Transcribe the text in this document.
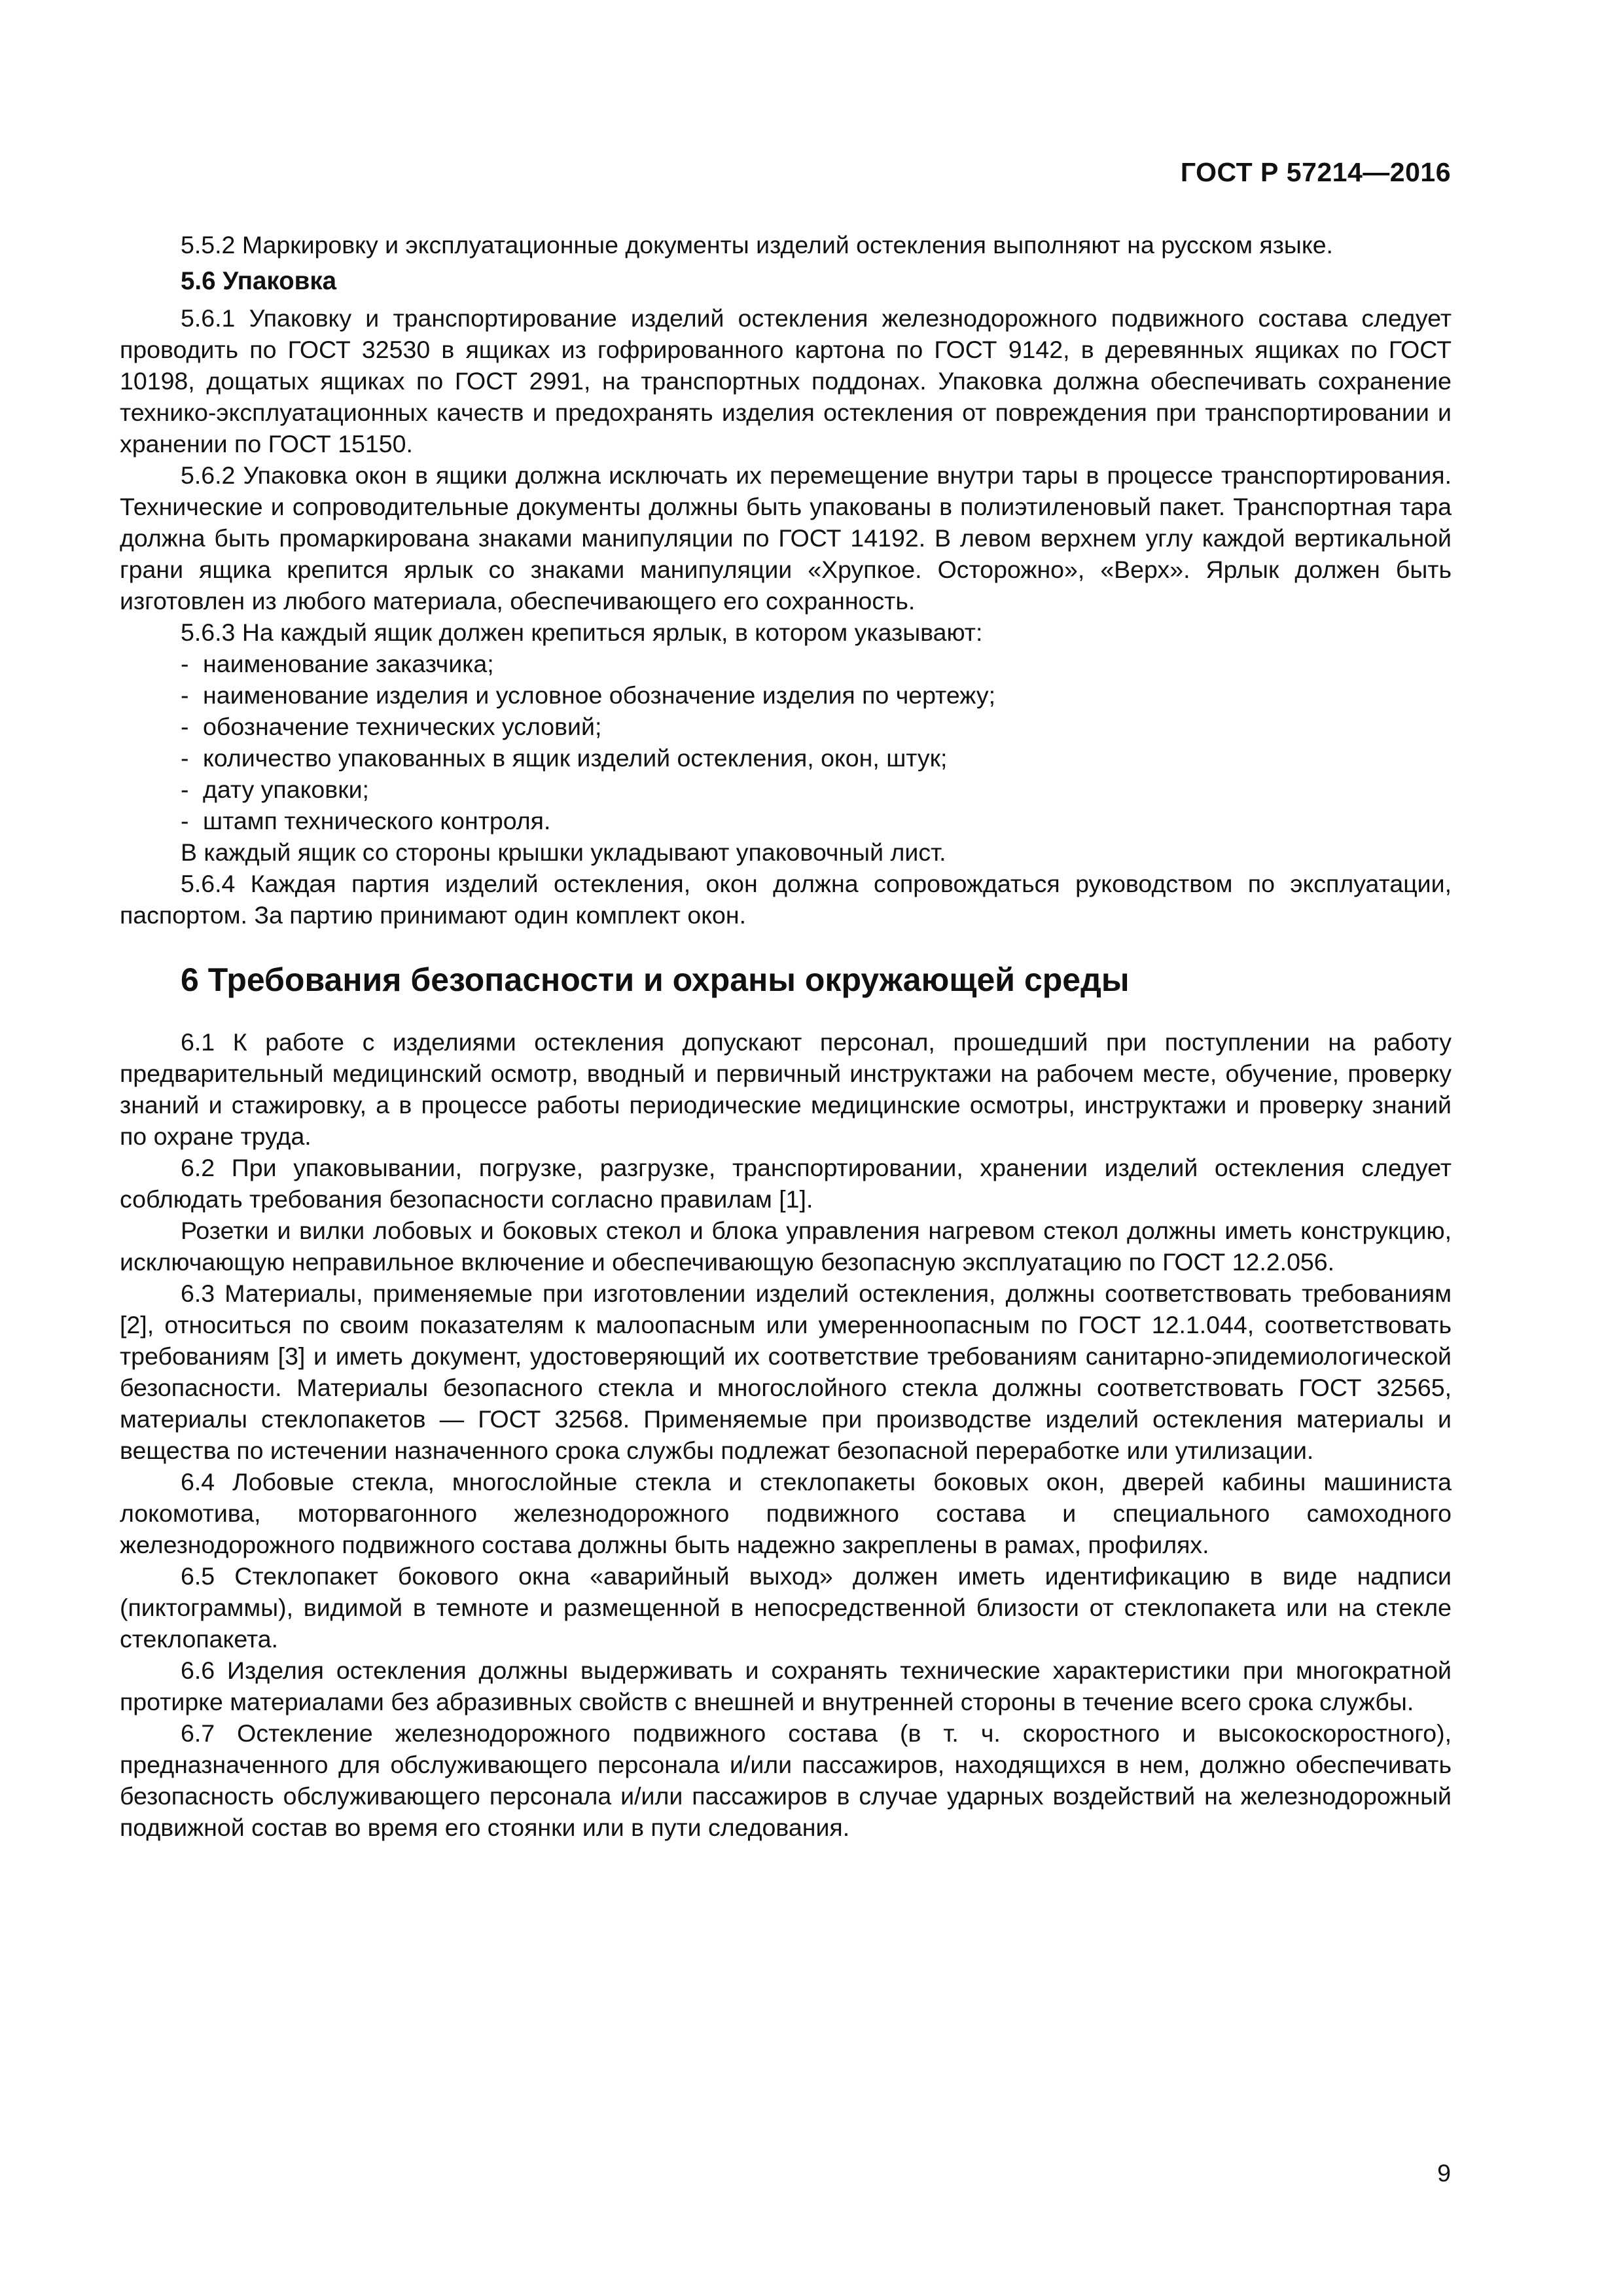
ГОСТ Р 57214—2016

5.5.2 Маркировку и эксплуатационные документы изделий остекления выполняют на русском языке.

5.6 Упаковка

5.6.1 Упаковку и транспортирование изделий остекления железнодорожного подвижного состава следует проводить по ГОСТ 32530 в ящиках из гофрированного картона по ГОСТ 9142, в деревянных ящиках по ГОСТ 10198, дощатых ящиках по ГОСТ 2991, на транспортных поддонах. Упаковка должна обеспечивать сохранение технико-эксплуатационных качеств и предохранять изделия остекления от повреждения при транспортировании и хранении по ГОСТ 15150.

5.6.2 Упаковка окон в ящики должна исключать их перемещение внутри тары в процессе транспортирования. Технические и сопроводительные документы должны быть упакованы в полиэтиленовый пакет. Транспортная тара должна быть промаркирована знаками манипуляции по ГОСТ 14192. В левом верхнем углу каждой вертикальной грани ящика крепится ярлык со знаками манипуляции «Хрупкое. Осторожно», «Верх». Ярлык должен быть изготовлен из любого материала, обеспечивающего его сохранность.

5.6.3 На каждый ящик должен крепиться ярлык, в котором указывают:

- наименование заказчика;
- наименование изделия и условное обозначение изделия по чертежу;
- обозначение технических условий;
- количество упакованных в ящик изделий остекления, окон, штук;
- дату упаковки;
- штамп технического контроля.

В каждый ящик со стороны крышки укладывают упаковочный лист.

5.6.4 Каждая партия изделий остекления, окон должна сопровождаться руководством по эксплуатации, паспортом. За партию принимают один комплект окон.

6 Требования безопасности и охраны окружающей среды

6.1 К работе с изделиями остекления допускают персонал, прошедший при поступлении на работу предварительный медицинский осмотр, вводный и первичный инструктажи на рабочем месте, обучение, проверку знаний и стажировку, а в процессе работы периодические медицинские осмотры, инструктажи и проверку знаний по охране труда.

6.2 При упаковывании, погрузке, разгрузке, транспортировании, хранении изделий остекления следует соблюдать требования безопасности согласно правилам [1].

Розетки и вилки лобовых и боковых стекол и блока управления нагревом стекол должны иметь конструкцию, исключающую неправильное включение и обеспечивающую безопасную эксплуатацию по ГОСТ 12.2.056.

6.3 Материалы, применяемые при изготовлении изделий остекления, должны соответствовать требованиям [2], относиться по своим показателям к малоопасным или умеренноопасным по ГОСТ 12.1.044, соответствовать требованиям [3] и иметь документ, удостоверяющий их соответствие требованиям санитарно-эпидемиологической безопасности. Материалы безопасного стекла и многослойного стекла должны соответствовать ГОСТ 32565, материалы стеклопакетов — ГОСТ 32568. Применяемые при производстве изделий остекления материалы и вещества по истечении назначенного срока службы подлежат безопасной переработке или утилизации.

6.4 Лобовые стекла, многослойные стекла и стеклопакеты боковых окон, дверей кабины машиниста локомотива, моторвагонного железнодорожного подвижного состава и специального самоходного железнодорожного подвижного состава должны быть надежно закреплены в рамах, профилях.

6.5 Стеклопакет бокового окна «аварийный выход» должен иметь идентификацию в виде надписи (пиктограммы), видимой в темноте и размещенной в непосредственной близости от стеклопакета или на стекле стеклопакета.

6.6 Изделия остекления должны выдерживать и сохранять технические характеристики при многократной протирке материалами без абразивных свойств с внешней и внутренней стороны в течение всего срока службы.

6.7 Остекление железнодорожного подвижного состава (в т. ч. скоростного и высокоскоростного), предназначенного для обслуживающего персонала и/или пассажиров, находящихся в нем, должно обеспечивать безопасность обслуживающего персонала и/или пассажиров в случае ударных воздействий на железнодорожный подвижной состав во время его стоянки или в пути следования.

9
